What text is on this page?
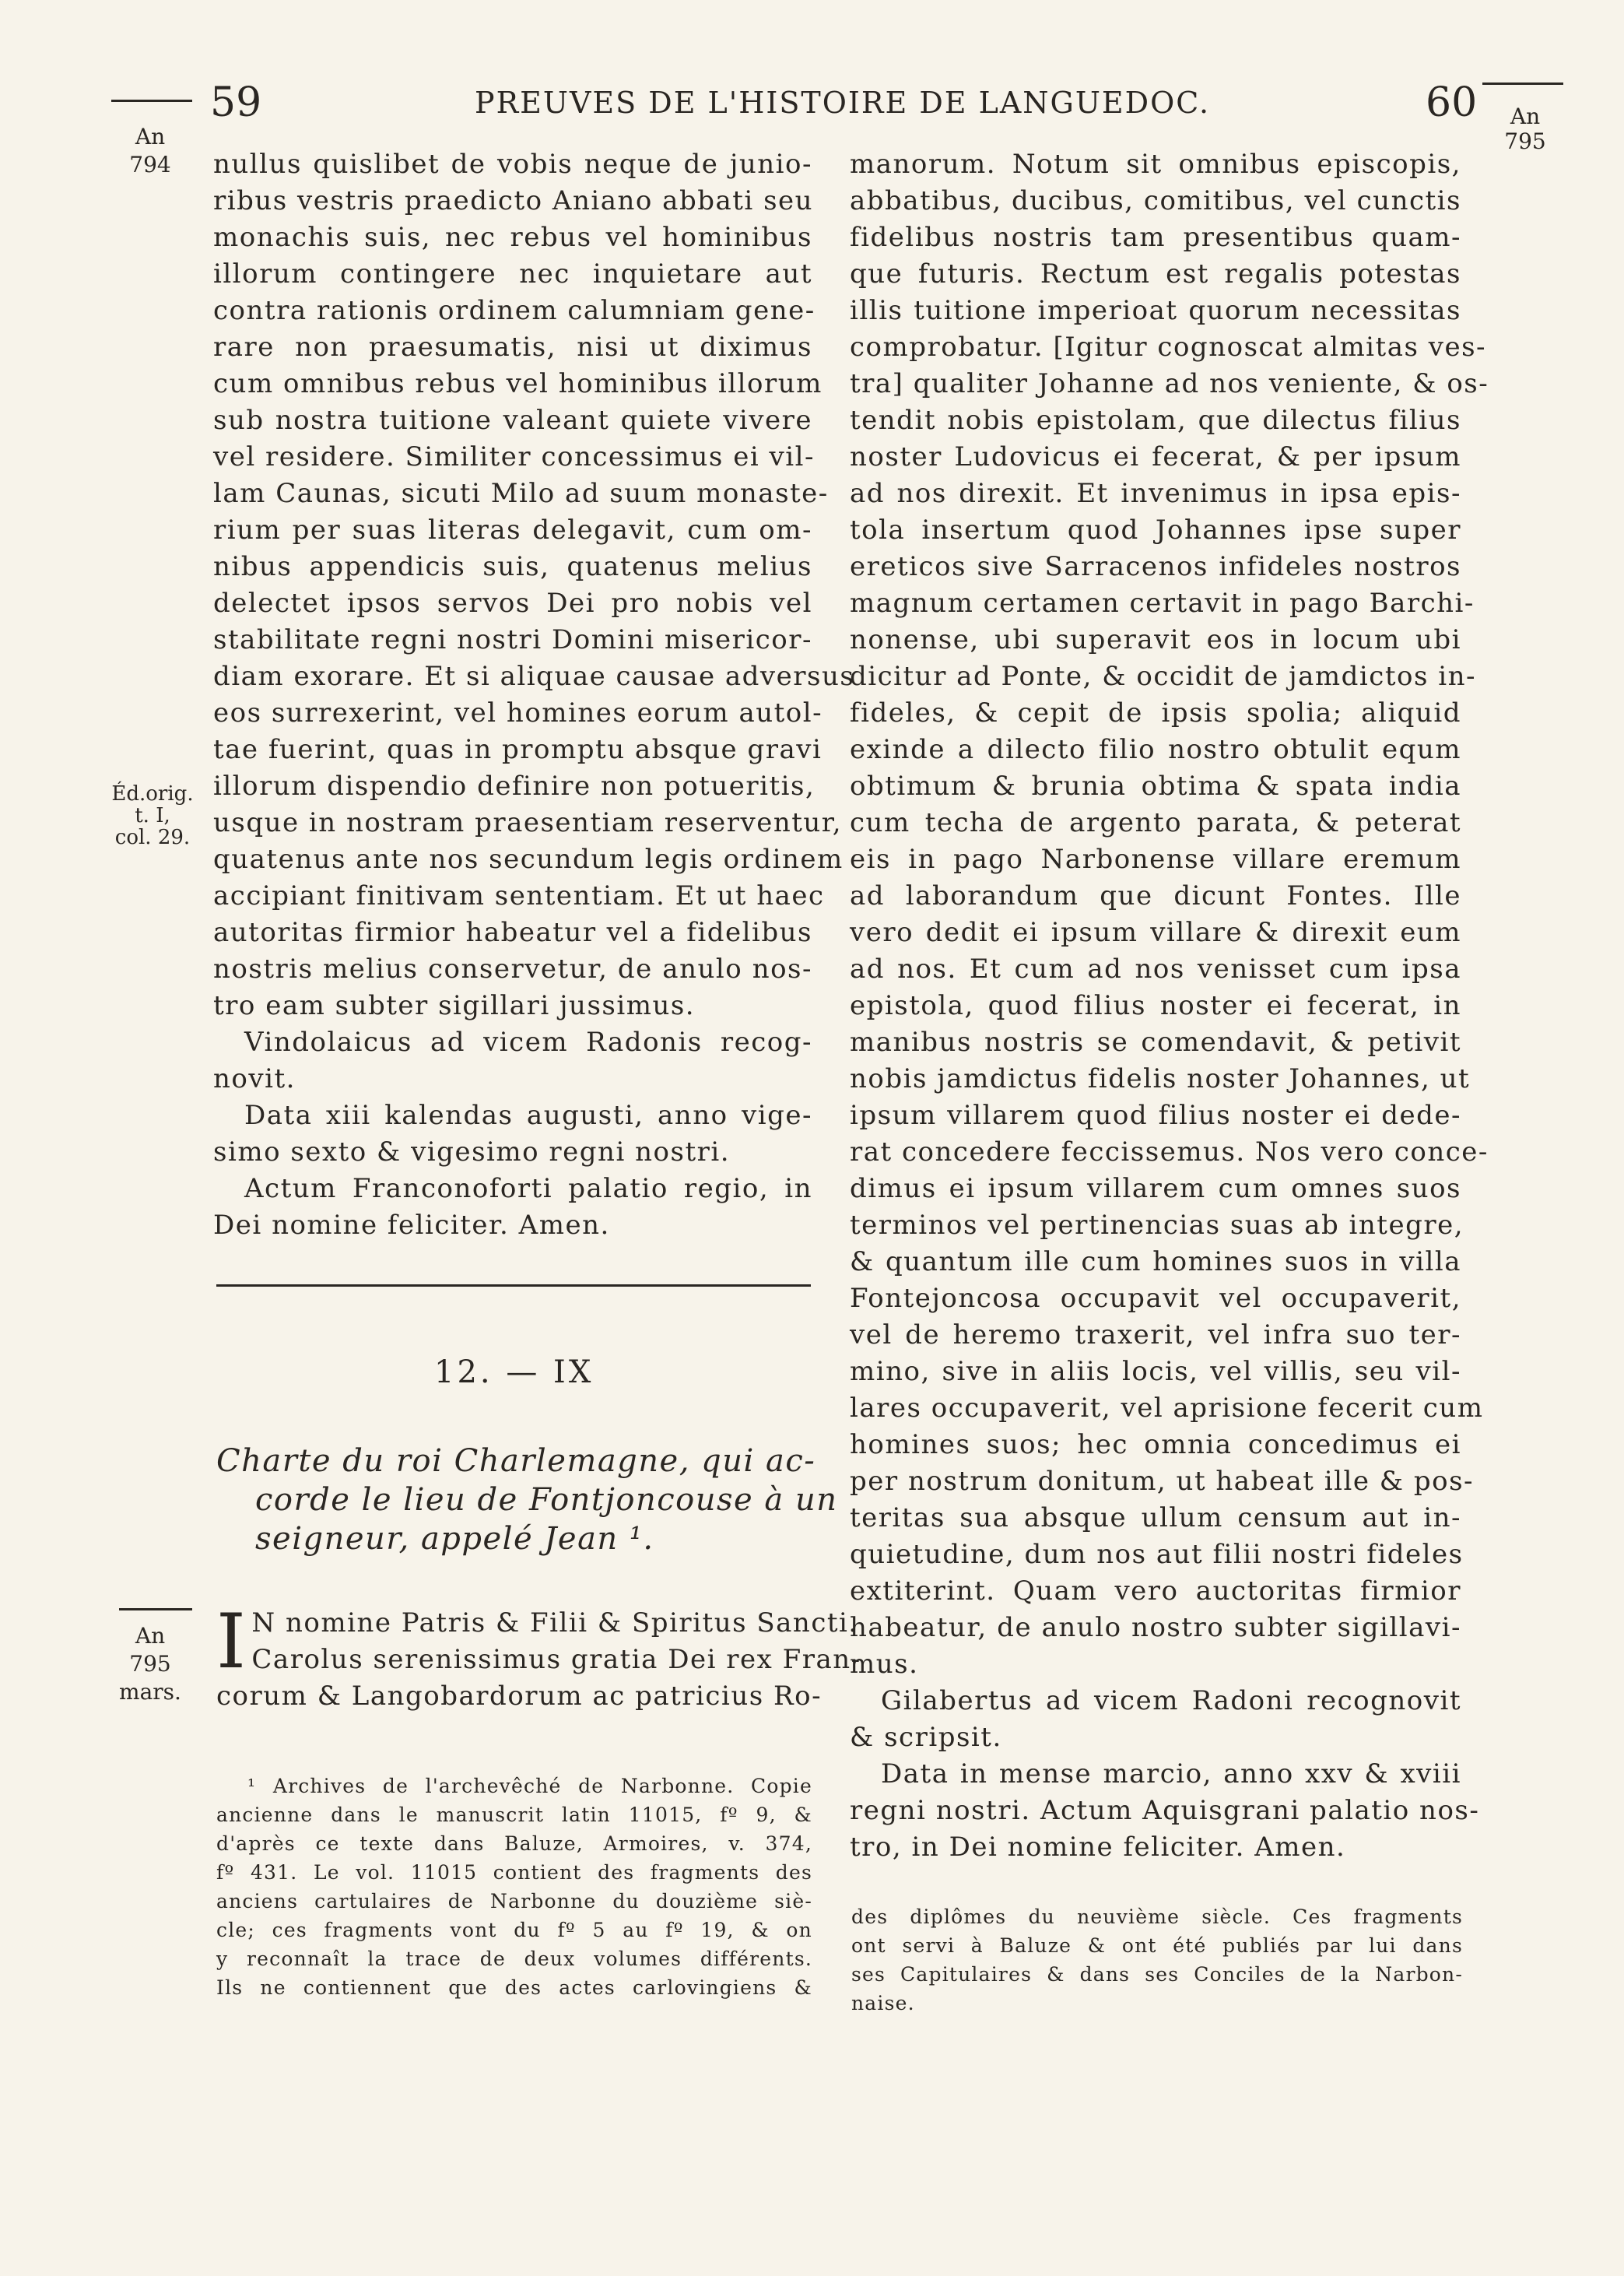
59	PREUVES DE L'HISTOIRE DE LANGUEDOC.	60
An
794
An
795
Éd.orig.
t. I,
col. 29.
An
795
mars.
nullus quislibet de vobis neque de junio-
ribus vestris praedicto Aniano abbati seu
monachis suis, nec rebus vel hominibus
illorum contingere nec inquietare aut
contra rationis ordinem calumniam gene-
rare non praesumatis, nisi ut diximus
cum omnibus rebus vel hominibus illorum
sub nostra tuitione valeant quiete vivere
vel residere. Similiter concessimus ei vil-
lam Caunas, sicuti Milo ad suum monaste-
rium per suas literas delegavit, cum om-
nibus appendicis suis, quatenus melius
delectet ipsos servos Dei pro nobis vel
stabilitate regni nostri Domini misericor-
diam exorare. Et si aliquae causae adversus
eos surrexerint, vel homines eorum autol-
tae fuerint, quas in promptu absque gravi
illorum dispendio definire non potueritis,
usque in nostram praesentiam reserventur,
quatenus ante nos secundum legis ordinem
accipiant finitivam sententiam. Et ut haec
autoritas firmior habeatur vel a fidelibus
nostris melius conservetur, de anulo nos-
tro eam subter sigillari jussimus.
Vindolaicus ad vicem Radonis recog-
novit.
Data xiii kalendas augusti, anno vige-
simo sexto & vigesimo regni nostri.
Actum Franconoforti palatio regio, in
Dei nomine feliciter. Amen.
12. — IX
Charte du roi Charlemagne, qui ac-
corde le lieu de Fontjoncouse à un
seigneur, appelé Jean ¹.
I N nomine Patris & Filii & Spiritus Sancti.
Carolus serenissimus gratia Dei rex Fran-
corum & Langobardorum ac patricius Ro-
¹ Archives de l'archevêché de Narbonne. Copie
ancienne dans le manuscrit latin 11015, fº 9, &
d'après ce texte dans Baluze, Armoires, v. 374,
fº 431. Le vol. 11015 contient des fragments des
anciens cartulaires de Narbonne du douzième siè-
cle; ces fragments vont du fº 5 au fº 19, & on
y reconnaît la trace de deux volumes différents.
Ils ne contiennent que des actes carlovingiens &
manorum. Notum sit omnibus episcopis,
abbatibus, ducibus, comitibus, vel cunctis
fidelibus nostris tam presentibus quam-
que futuris. Rectum est regalis potestas
illis tuitione imperioat quorum necessitas
comprobatur. [Igitur cognoscat almitas ves-
tra] qualiter Johanne ad nos veniente, & os-
tendit nobis epistolam, que dilectus filius
noster Ludovicus ei fecerat, & per ipsum
ad nos direxit. Et invenimus in ipsa epis-
tola insertum quod Johannes ipse super
ereticos sive Sarracenos infideles nostros
magnum certamen certavit in pago Barchi-
nonense, ubi superavit eos in locum ubi
dicitur ad Ponte, & occidit de jamdictos in-
fideles, & cepit de ipsis spolia; aliquid
exinde a dilecto filio nostro obtulit equm
obtimum & brunia obtima & spata india
cum techa de argento parata, & peterat
eis in pago Narbonense villare eremum
ad laborandum que dicunt Fontes. Ille
vero dedit ei ipsum villare & direxit eum
ad nos. Et cum ad nos venisset cum ipsa
epistola, quod filius noster ei fecerat, in
manibus nostris se comendavit, & petivit
nobis jamdictus fidelis noster Johannes, ut
ipsum villarem quod filius noster ei dede-
rat concedere feccissemus. Nos vero conce-
dimus ei ipsum villarem cum omnes suos
terminos vel pertinencias suas ab integre,
& quantum ille cum homines suos in villa
Fontejoncosa occupavit vel occupaverit,
vel de heremo traxerit, vel infra suo ter-
mino, sive in aliis locis, vel villis, seu vil-
lares occupaverit, vel aprisione fecerit cum
homines suos; hec omnia concedimus ei
per nostrum donitum, ut habeat ille & pos-
teritas sua absque ullum censum aut in-
quietudine, dum nos aut filii nostri fideles
extiterint. Quam vero auctoritas firmior
habeatur, de anulo nostro subter sigillavi-
mus.
Gilabertus ad vicem Radoni recognovit
& scripsit.
Data in mense marcio, anno xxv & xviii
regni nostri. Actum Aquisgrani palatio nos-
tro, in Dei nomine feliciter. Amen.
des diplômes du neuvième siècle. Ces fragments
ont servi à Baluze & ont été publiés par lui dans
ses Capitulaires & dans ses Conciles de la Narbon-
naise.
